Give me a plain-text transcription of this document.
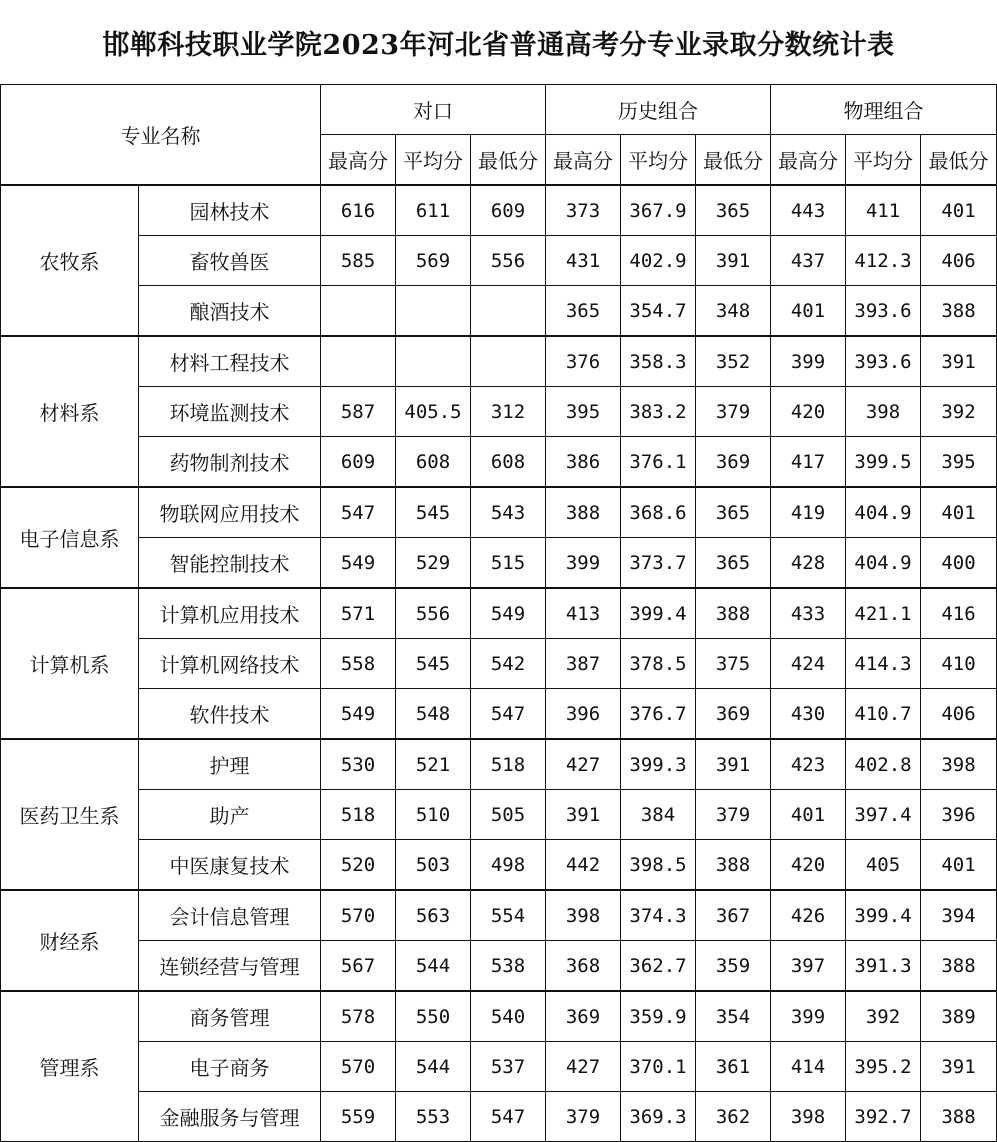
邯郸科技职业学院2023年河北省普通高考分专业录取分数统计表
专业名称		对口			历史组合			物理组合		
		最高分	平均分	最低分	最高分	平均分	最低分	最高分	平均分	最低分
农牧系	园林技术	616	611	609	373	367.9	365	443	411	401
	畜牧兽医	585	569	556	431	402.9	391	437	412.3	406
	酿酒技术				365	354.7	348	401	393.6	388
材料系	材料工程技术				376	358.3	352	399	393.6	391
	环境监测技术	587	405.5	312	395	383.2	379	420	398	392
	药物制剂技术	609	608	608	386	376.1	369	417	399.5	395
电子信息系	物联网应用技术	547	545	543	388	368.6	365	419	404.9	401
	智能控制技术	549	529	515	399	373.7	365	428	404.9	400
计算机系	计算机应用技术	571	556	549	413	399.4	388	433	421.1	416
	计算机网络技术	558	545	542	387	378.5	375	424	414.3	410
	软件技术	549	548	547	396	376.7	369	430	410.7	406
医药卫生系	护理	530	521	518	427	399.3	391	423	402.8	398
	助产	518	510	505	391	384	379	401	397.4	396
	中医康复技术	520	503	498	442	398.5	388	420	405	401
财经系	会计信息管理	570	563	554	398	374.3	367	426	399.4	394
	连锁经营与管理	567	544	538	368	362.7	359	397	391.3	388
管理系	商务管理	578	550	540	369	359.9	354	399	392	389
	电子商务	570	544	537	427	370.1	361	414	395.2	391
	金融服务与管理	559	553	547	379	369.3	362	398	392.7	388
